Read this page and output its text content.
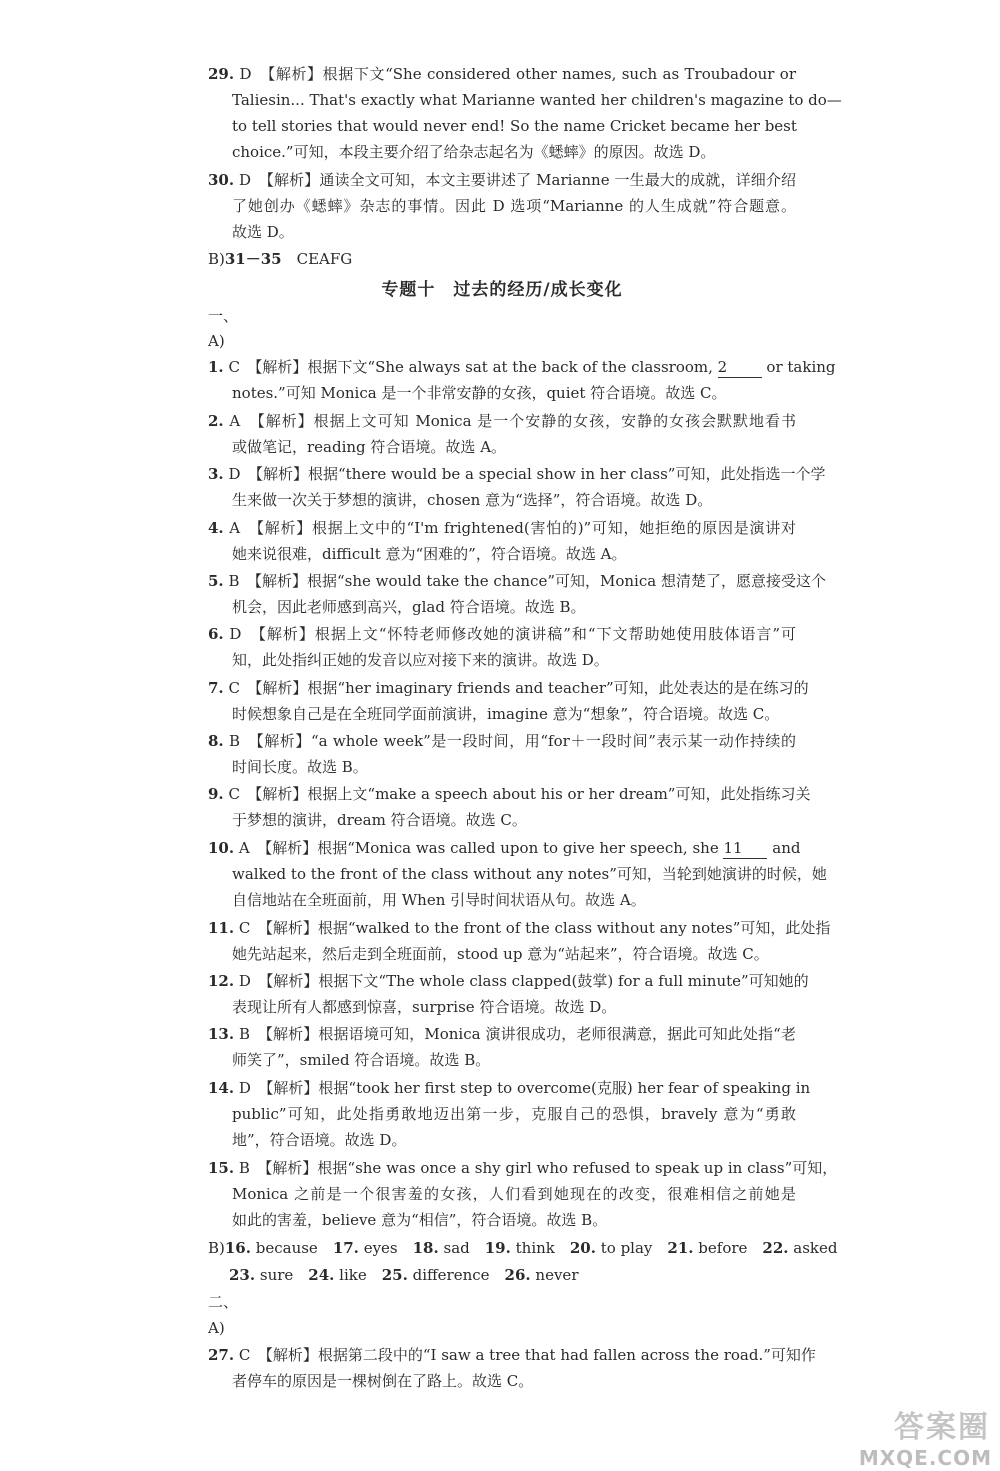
专题十　过去的经历/成长变化
29. D　【解析】根据下文“She considered other names, such as Troubadour or
Taliesin... That's exactly what Marianne wanted her children's magazine to do—
to tell stories that would never end! So the name Cricket became her best
choice.”可知，本段主要介绍了给杂志起名为《蟋蟀》的原因。故选 D。
30. D　【解析】通读全文可知，本文主要讲述了 Marianne 一生最大的成就，详细介绍
了她创办《蟋蟀》杂志的事情。因此 D 选项“Marianne 的人生成就”符合题意。
故选 D。
B)31－35　CEAFG
一、
A)
1. C　【解析】根据下文“She always sat at the back of the classroom, 2 or taking
notes.”可知 Monica 是一个非常安静的女孩，quiet 符合语境。故选 C。
2. A　【解析】根据上文可知 Monica 是一个安静的女孩，安静的女孩会默默地看书
或做笔记，reading 符合语境。故选 A。
3. D　【解析】根据“there would be a special show in her class”可知，此处指选一个学
生来做一次关于梦想的演讲，chosen 意为“选择”，符合语境。故选 D。
4. A　【解析】根据上文中的“I'm frightened(害怕的)”可知，她拒绝的原因是演讲对
她来说很难，difficult 意为“困难的”，符合语境。故选 A。
5. B　【解析】根据“she would take the chance”可知，Monica 想清楚了，愿意接受这个
机会，因此老师感到高兴，glad 符合语境。故选 B。
6. D　【解析】根据上文“怀特老师修改她的演讲稿”和“下文帮助她使用肢体语言”可
知，此处指纠正她的发音以应对接下来的演讲。故选 D。
7. C　【解析】根据“her imaginary friends and teacher”可知，此处表达的是在练习的
时候想象自己是在全班同学面前演讲，imagine 意为“想象”，符合语境。故选 C。
8. B　【解析】“a whole week”是一段时间，用“for＋一段时间”表示某一动作持续的
时间长度。故选 B。
9. C　【解析】根据上文“make a speech about his or her dream”可知，此处指练习关
于梦想的演讲，dream 符合语境。故选 C。
10. A　【解析】根据“Monica was called upon to give her speech, she 11 and
walked to the front of the class without any notes”可知，当轮到她演讲的时候，她
自信地站在全班面前，用 When 引导时间状语从句。故选 A。
11. C　【解析】根据“walked to the front of the class without any notes”可知，此处指
她先站起来，然后走到全班面前，stood up 意为“站起来”，符合语境。故选 C。
12. D　【解析】根据下文“The whole class clapped(鼓掌) for a full minute”可知她的
表现让所有人都感到惊喜，surprise 符合语境。故选 D。
13. B　【解析】根据语境可知，Monica 演讲很成功，老师很满意，据此可知此处指“老
师笑了”，smiled 符合语境。故选 B。
14. D　【解析】根据“took her first step to overcome(克服) her fear of speaking in
public”可知，此处指勇敢地迈出第一步，克服自己的恐惧，bravely 意为“勇敢
地”，符合语境。故选 D。
15. B　【解析】根据“she was once a shy girl who refused to speak up in class”可知，
Monica 之前是一个很害羞的女孩，人们看到她现在的改变，很难相信之前她是
如此的害羞，believe 意为“相信”，符合语境。故选 B。
B)16. because　17. eyes　18. sad　19. think　20. to play　21. before　22. asked
23. sure　24. like　25. difference　26. never
二、
A)
27. C　【解析】根据第二段中的“I saw a tree that had fallen across the road.”可知作
者停车的原因是一棵树倒在了路上。故选 C。
答案圈
MXQE.COM
